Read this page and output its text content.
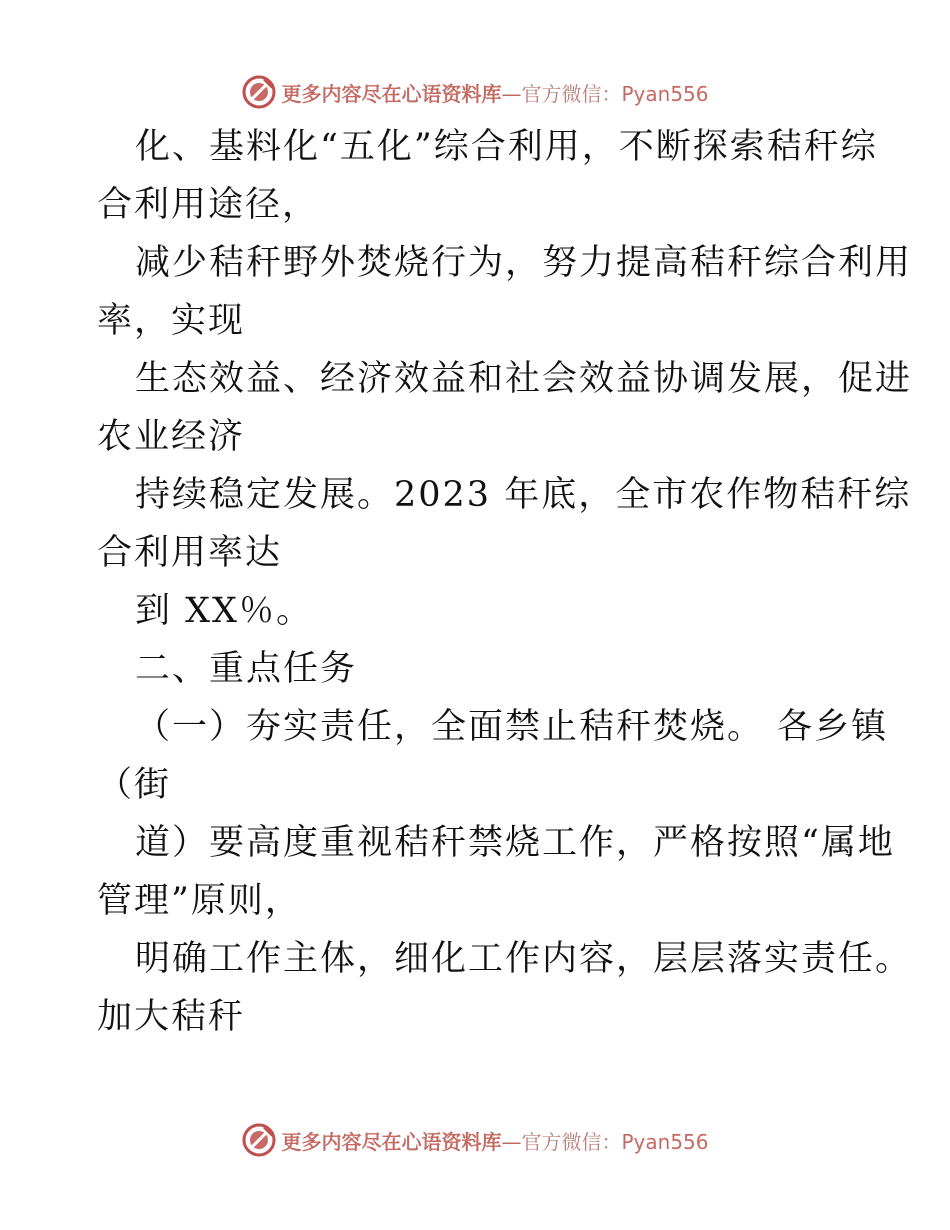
更多内容尽在心语资料库—官方微信：Pyan556
化、基料化“五化”综合利用，不断探索秸秆综
合利用途径，
减少秸秆野外焚烧行为，努力提高秸秆综合利用
率，实现
生态效益、经济效益和社会效益协调发展，促进
农业经济
持续稳定发展。2023 年底，全市农作物秸秆综
合利用率达
到 XX％。
二、重点任务
（一）夯实责任，全面禁止秸秆焚烧。 各乡镇
（街
道）要高度重视秸秆禁烧工作，严格按照“属地
管理”原则，
明确工作主体，细化工作内容，层层落实责任。
加大秸秆
更多内容尽在心语资料库—官方微信：Pyan556
